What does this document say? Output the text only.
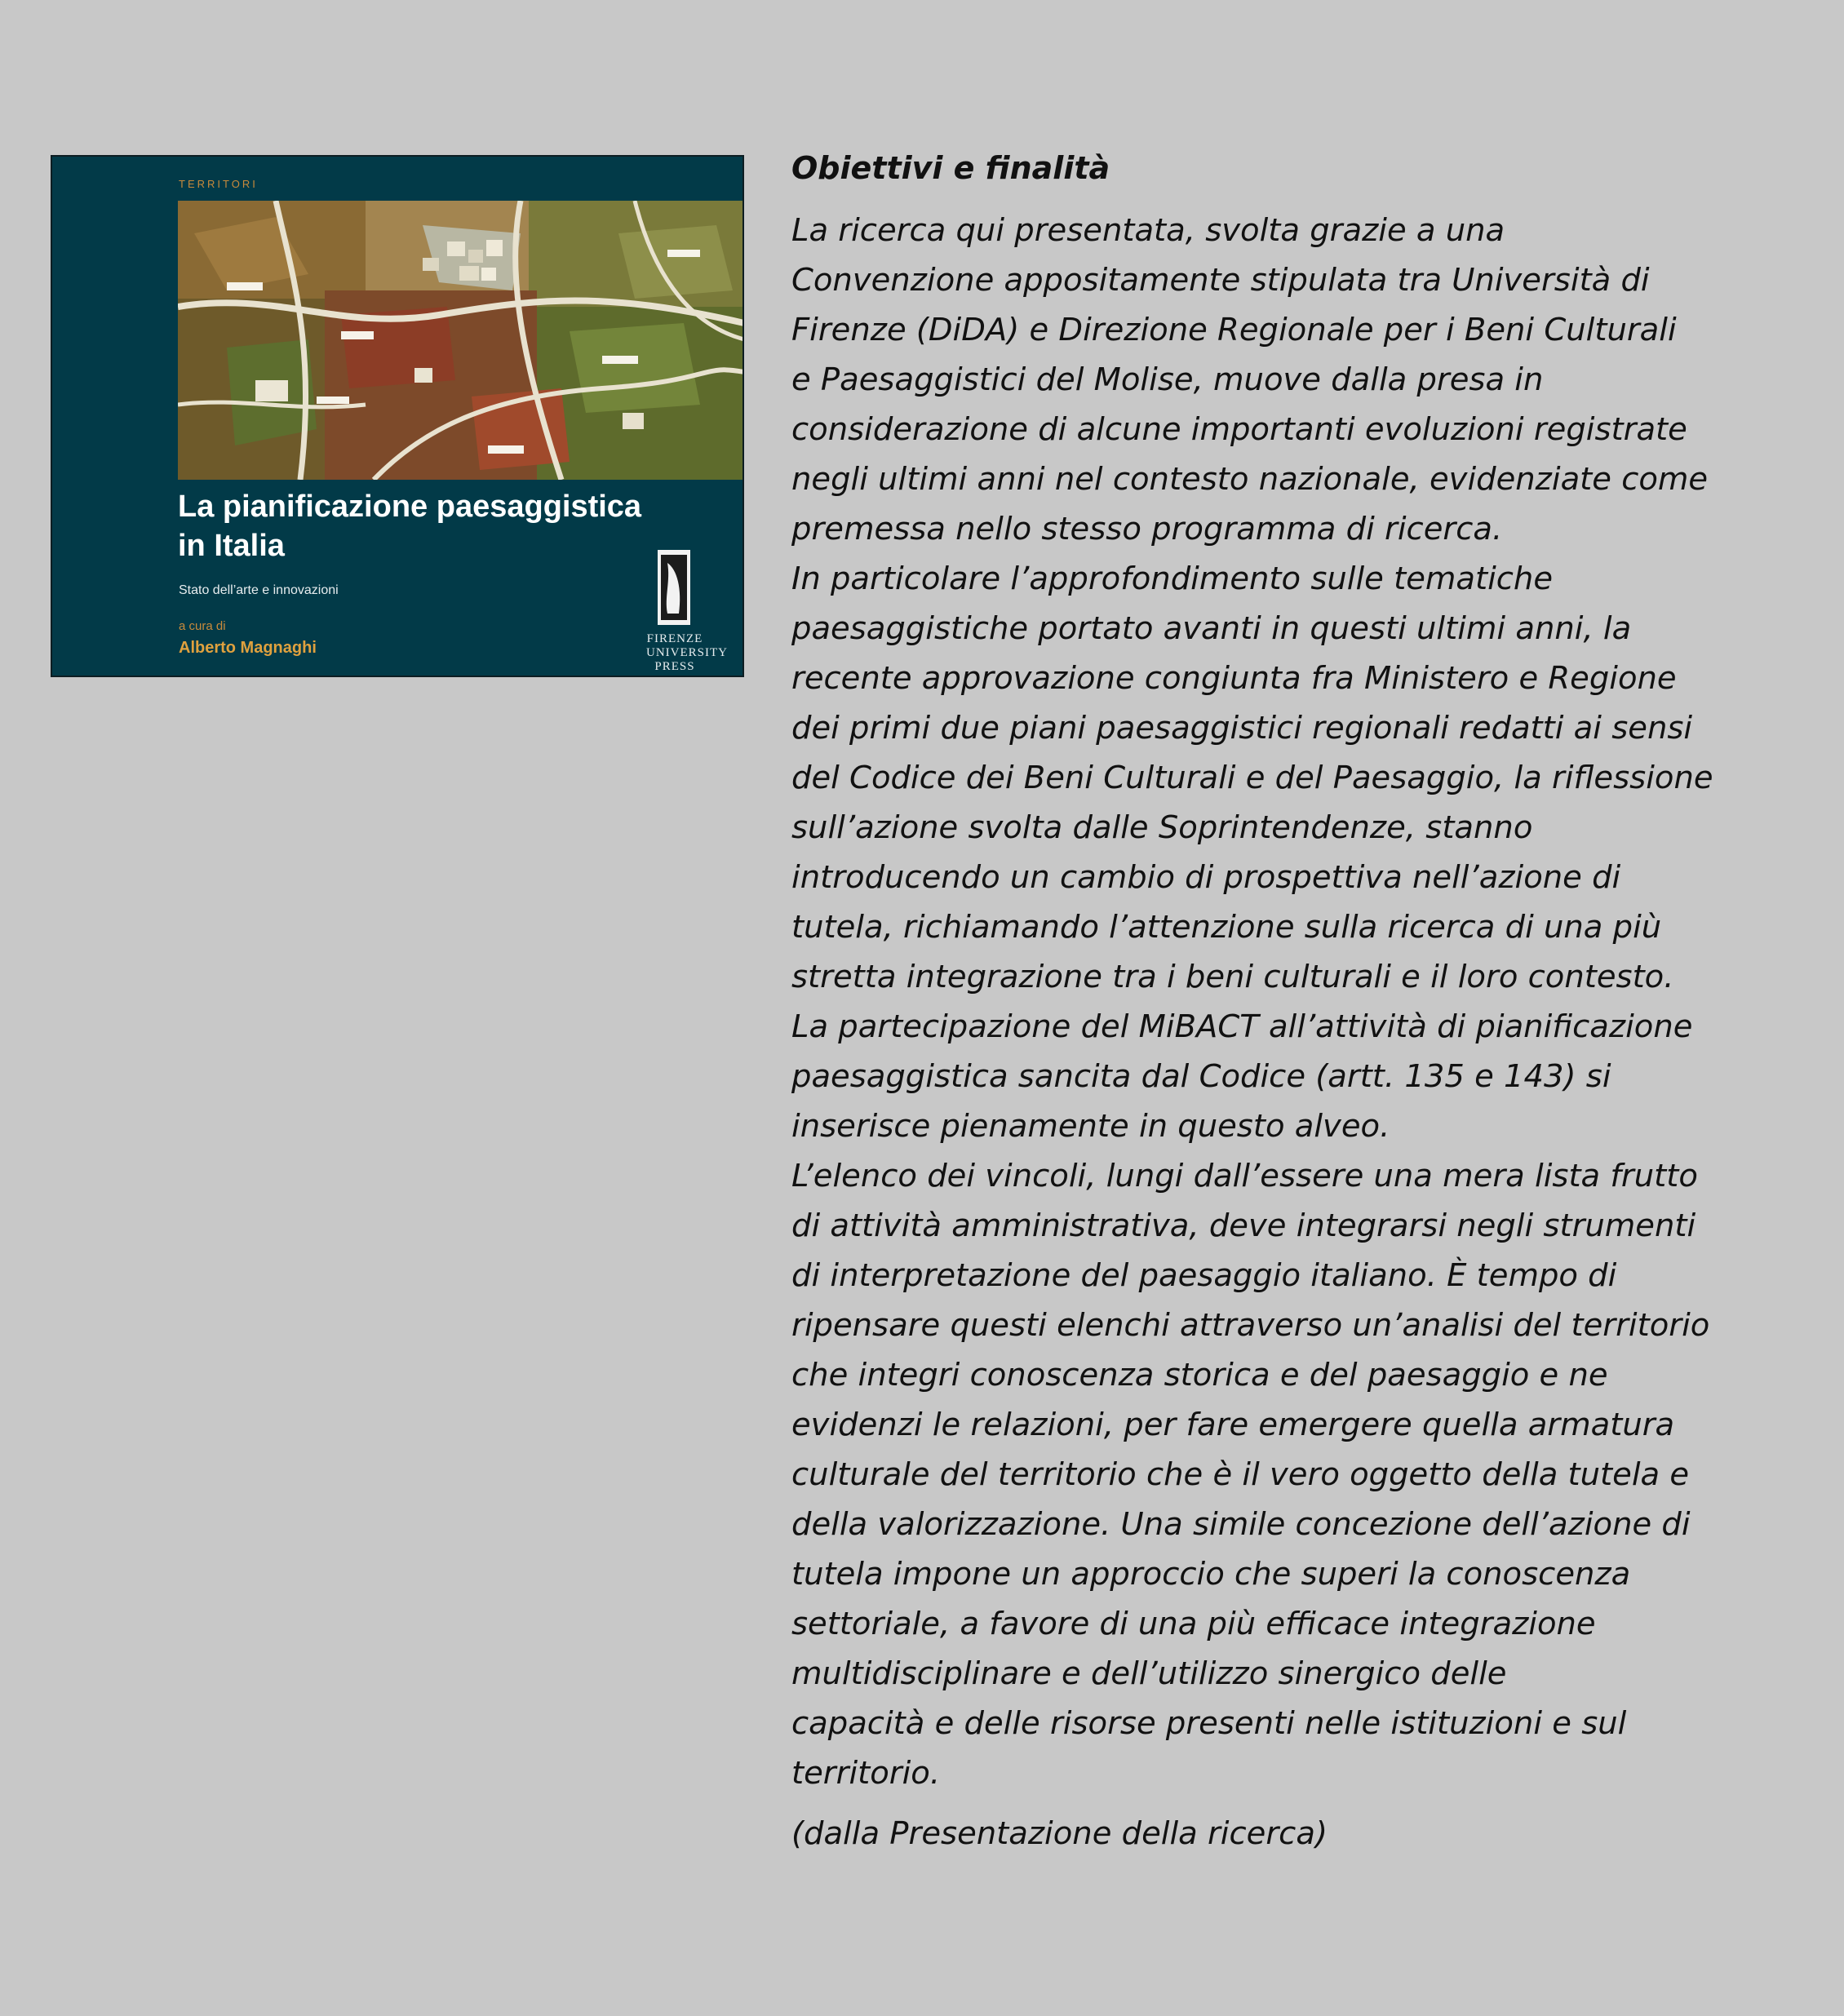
TERRITORI
La pianificazione paesaggistica in Italia
Stato dell’arte e innovazioni
a cura di
Alberto Magnaghi	FIRENZE UNIVERSITY PRESS
Obiettivi e finalità
La ricerca qui presentata, svolta grazie a una
Convenzione appositamente stipulata tra Università di
Firenze (DiDA) e Direzione Regionale per i Beni Culturali
e Paesaggistici del Molise, muove dalla presa in
considerazione di alcune importanti evoluzioni registrate
negli ultimi anni nel contesto nazionale, evidenziate come
premessa nello stesso programma di ricerca.
In particolare l’approfondimento sulle tematiche
paesaggistiche portato avanti in questi ultimi anni, la
recente approvazione congiunta fra Ministero e Regione
dei primi due piani paesaggistici regionali redatti ai sensi
del Codice dei Beni Culturali e del Paesaggio, la riflessione
sull’azione svolta dalle Soprintendenze, stanno
introducendo un cambio di prospettiva nell’azione di
tutela, richiamando l’attenzione sulla ricerca di una più
stretta integrazione tra i beni culturali e il loro contesto.
La partecipazione del MiBACT all’attività di pianificazione
paesaggistica sancita dal Codice (artt. 135 e 143) si
inserisce pienamente in questo alveo.
L’elenco dei vincoli, lungi dall’essere una mera lista frutto
di attività amministrativa, deve integrarsi negli strumenti
di interpretazione del paesaggio italiano. È tempo di
ripensare questi elenchi attraverso un’analisi del territorio
che integri conoscenza storica e del paesaggio e ne
evidenzi le relazioni, per fare emergere quella armatura
culturale del territorio che è il vero oggetto della tutela e
della valorizzazione. Una simile concezione dell’azione di
tutela impone un approccio che superi la conoscenza
settoriale, a favore di una più efficace integrazione
multidisciplinare e dell’utilizzo sinergico delle
capacità e delle risorse presenti nelle istituzioni e sul
territorio.

(dalla Presentazione della ricerca)
